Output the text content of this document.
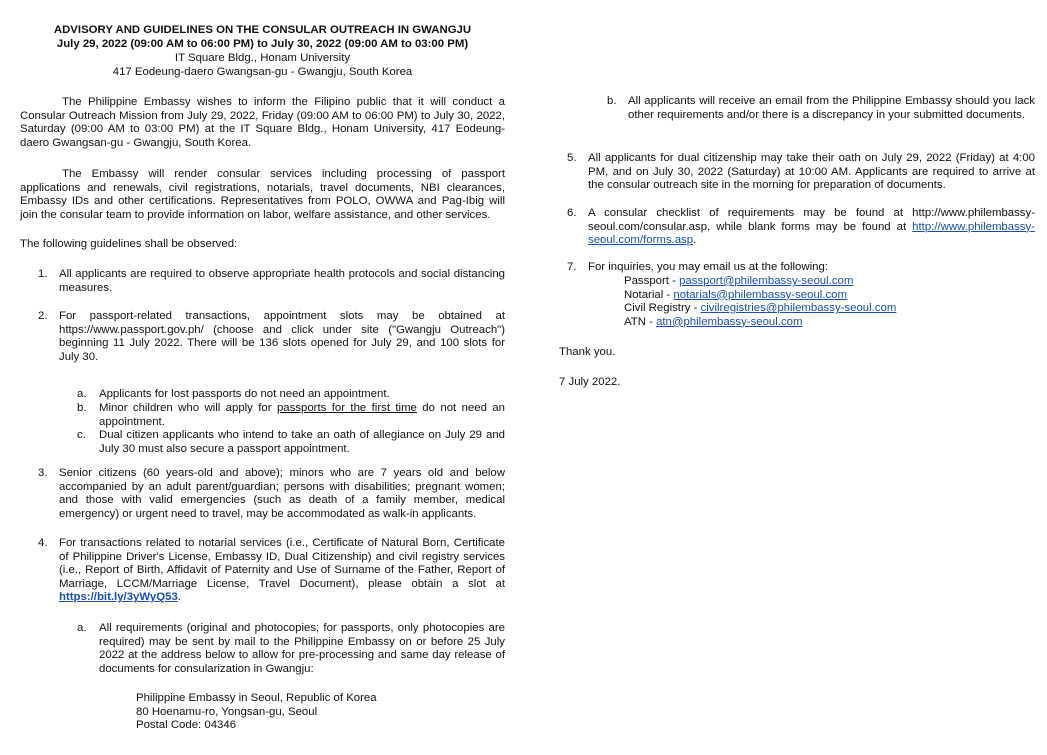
ADVISORY AND GUIDELINES ON THE CONSULAR OUTREACH IN GWANGJU
July 29, 2022 (09:00 AM to 06:00 PM) to July 30, 2022 (09:00 AM to 03:00 PM)
IT Square Bldg., Honam University
417 Eodeung-daero Gwangsan-gu - Gwangju, South Korea

The Philippine Embassy wishes to inform the Filipino public that it will conduct a Consular Outreach Mission from July 29, 2022, Friday (09:00 AM to 06:00 PM) to July 30, 2022, Saturday (09:00 AM to 03:00 PM) at the IT Square Bldg., Honam University, 417 Eodeung-daero Gwangsan-gu - Gwangju, South Korea.

The Embassy will render consular services including processing of passport applications and renewals, civil registrations, notarials, travel documents, NBI clearances, Embassy IDs and other certifications. Representatives from POLO, OWWA and Pag-Ibig will join the consular team to provide information on labor, welfare assistance, and other services.

The following guidelines shall be observed:

1. All applicants are required to observe appropriate health protocols and social distancing measures.

2. For passport-related transactions, appointment slots may be obtained at https://www.passport.gov.ph/ (choose and click under site ("Gwangju Outreach") beginning 11 July 2022. There will be 136 slots opened for July 29, and 100 slots for July 30.

a. Applicants for lost passports do not need an appointment.

b. Minor children who will apply for passports for the first time do not need an appointment.

c. Dual citizen applicants who intend to take an oath of allegiance on July 29 and July 30 must also secure a passport appointment.

3. Senior citizens (60 years-old and above); minors who are 7 years old and below accompanied by an adult parent/guardian; persons with disabilities; pregnant women; and those with valid emergencies (such as death of a family member, medical emergency) or urgent need to travel, may be accommodated as walk-in applicants.

4. For transactions related to notarial services (i.e., Certificate of Natural Born, Certificate of Philippine Driver's License, Embassy ID, Dual Citizenship) and civil registry services (i.e., Report of Birth, Affidavit of Paternity and Use of Surname of the Father, Report of Marriage, LCCM/Marriage License, Travel Document), please obtain a slot at https://bit.ly/3yWyQ53.

a. All requirements (original and photocopies; for passports, only photocopies are required) may be sent by mail to the Philippine Embassy on or before 25 July 2022 at the address below to allow for pre-processing and same day release of documents for consularization in Gwangju:

Philippine Embassy in Seoul, Republic of Korea
80 Hoenamu-ro, Yongsan-gu, Seoul
Postal Code: 04346
b. All applicants will receive an email from the Philippine Embassy should you lack other requirements and/or there is a discrepancy in your submitted documents.

5. All applicants for dual citizenship may take their oath on July 29, 2022 (Friday) at 4:00 PM, and on July 30, 2022 (Saturday) at 10:00 AM. Applicants are required to arrive at the consular outreach site in the morning for preparation of documents.

6. A consular checklist of requirements may be found at http://www.philembassy-seoul.com/consular.asp, while blank forms may be found at http://www.philembassy-seoul.com/forms.asp.

7. For inquiries, you may email us at the following:

Passport - passport@philembassy-seoul.com
Notarial - notarials@philembassy-seoul.com
Civil Registry - civilregistries@philembassy-seoul.com
ATN - atn@philembassy-seoul.com

Thank you.

7 July 2022.
